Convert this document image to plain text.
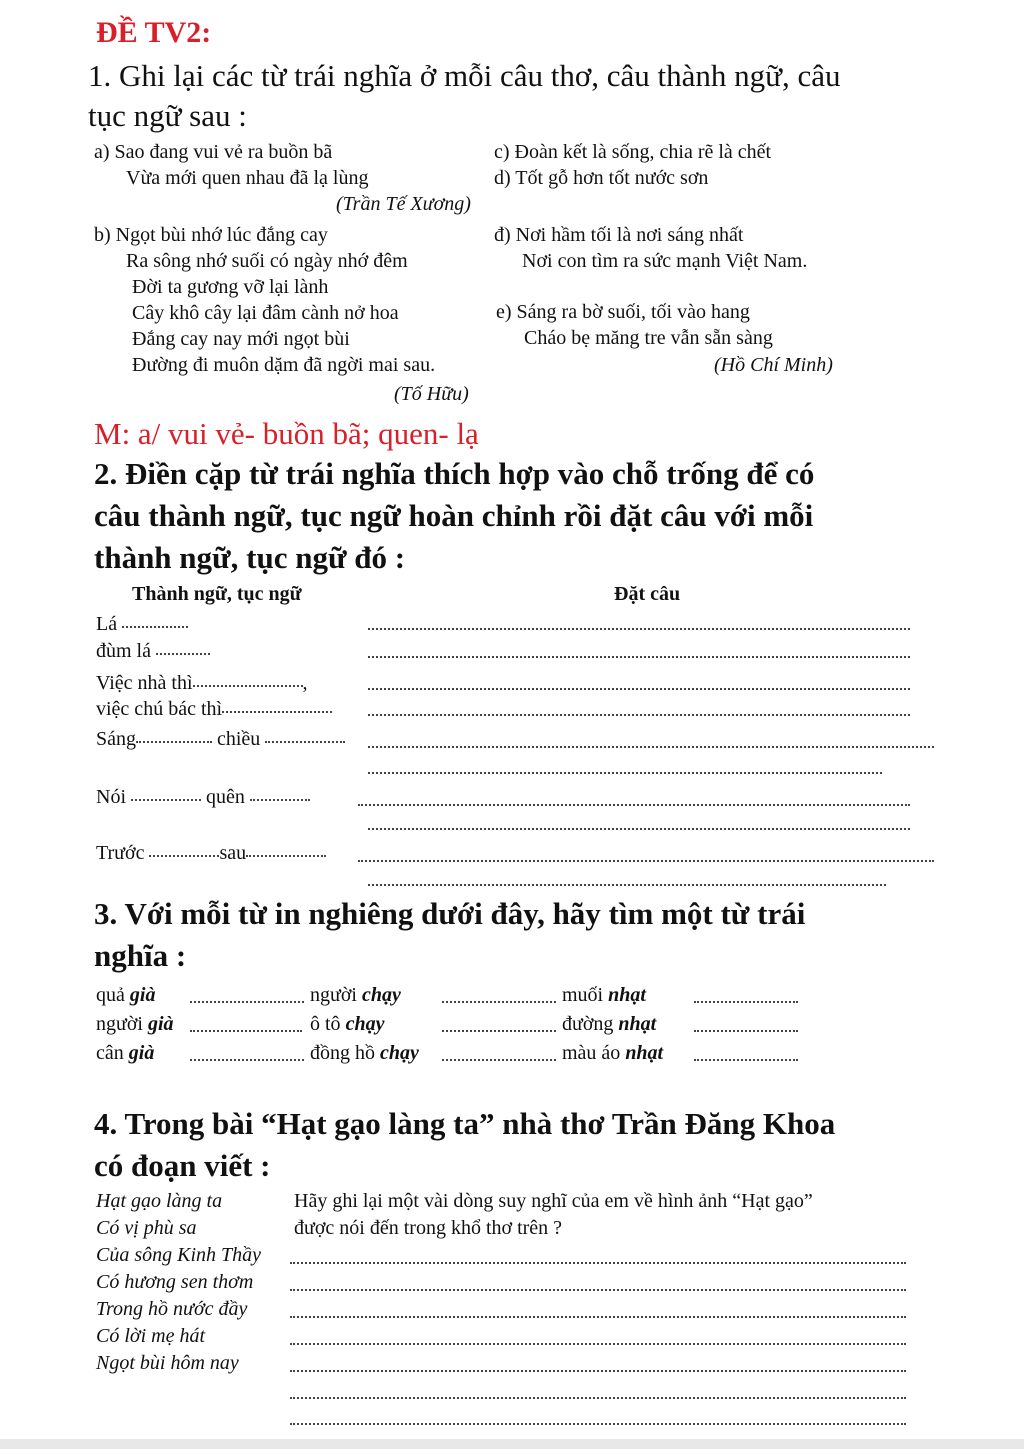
ĐỀ TV2:
1. Ghi lại các từ trái nghĩa ở mỗi câu thơ, câu thành ngữ, câu
tục ngữ sau :
a) Sao đang vui vẻ ra buồn bã
Vừa mới quen nhau đã lạ lùng
(Trần Tế Xương)
c) Đoàn kết là sống, chia rẽ là chết
d) Tốt gỗ hơn tốt nước sơn
b) Ngọt bùi nhớ lúc đắng cay
Ra sông nhớ suối có ngày nhớ đêm
Đời ta gương vỡ lại lành
Cây khô cây lại đâm cành nở hoa
Đắng cay nay mới ngọt bùi
Đường đi muôn dặm đã ngời mai sau.
(Tố Hữu)
đ) Nơi hầm tối là nơi sáng nhất
Nơi con tìm ra sức mạnh Việt Nam.
e) Sáng ra bờ suối, tối vào hang
Cháo bẹ măng tre vẫn sẵn sàng
(Hồ Chí Minh)
M: a/ vui vẻ- buồn bã; quen- lạ
2. Điền cặp từ trái nghĩa thích hợp vào chỗ trống để có
câu thành ngữ, tục ngữ hoàn chỉnh rồi đặt câu với mỗi
thành ngữ, tục ngữ đó :
Thành ngữ, tục ngữ	Đặt câu
Lá
đùm lá
Việc nhà thì	,
việc chú bác thì
Sáng	chiều
Nói	quên
Trước	sau
3. Với mỗi từ in nghiêng dưới đây, hãy tìm một từ trái
nghĩa :
quả già	người chạy	muối nhạt
người già	ô tô chạy	đường nhạt
cân già	đồng hồ chạy	màu áo nhạt
4. Trong bài “Hạt gạo làng ta” nhà thơ Trần Đăng Khoa
có đoạn viết :
Hạt gạo làng ta
Có vị phù sa
Của sông Kinh Thầy
Có hương sen thơm
Trong hồ nước đầy
Có lời mẹ hát
Ngọt bùi hôm nay
Hãy ghi lại một vài dòng suy nghĩ của em về hình ảnh “Hạt gạo”
được nói đến trong khổ thơ trên ?
